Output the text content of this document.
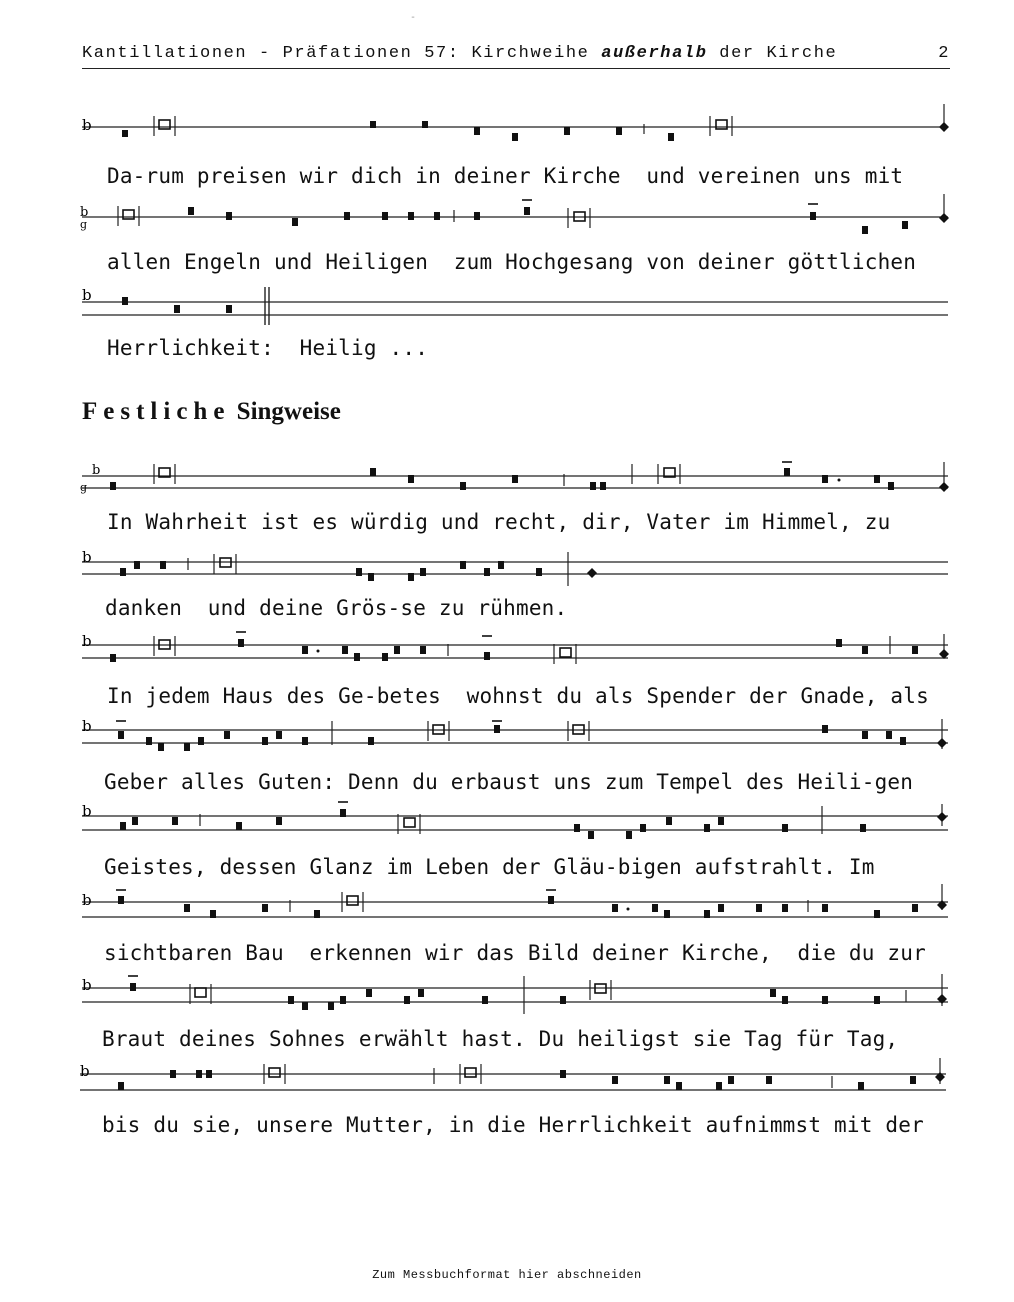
-
Kantillationen - Präfationen 57: Kirchweihe außerhalb der Kirche	2
b
Da-rum preisen wir dich in deiner Kirche  und vereinen uns mit
b
g
allen Engeln und Heiligen  zum Hochgesang von deiner göttlichen
b
Herrlichkeit:  Heilig ...
Festliche Singweise
b
g
In Wahrheit ist es würdig und recht, dir, Vater im Himmel, zu
b
danken  und deine Grös-se zu rühmen.
b
In jedem Haus des Ge-betes  wohnst du als Spender der Gnade, als
b
Geber alles Guten: Denn du erbaust uns zum Tempel des Heili-gen
b
Geistes, dessen Glanz im Leben der Gläu-bigen aufstrahlt. Im
b
sichtbaren Bau  erkennen wir das Bild deiner Kirche,  die du zur
b
Braut deines Sohnes erwählt hast. Du heiligst sie Tag für Tag,
b
bis du sie, unsere Mutter, in die Herrlichkeit aufnimmst mit der
Zum Messbuchformat hier abschneiden
